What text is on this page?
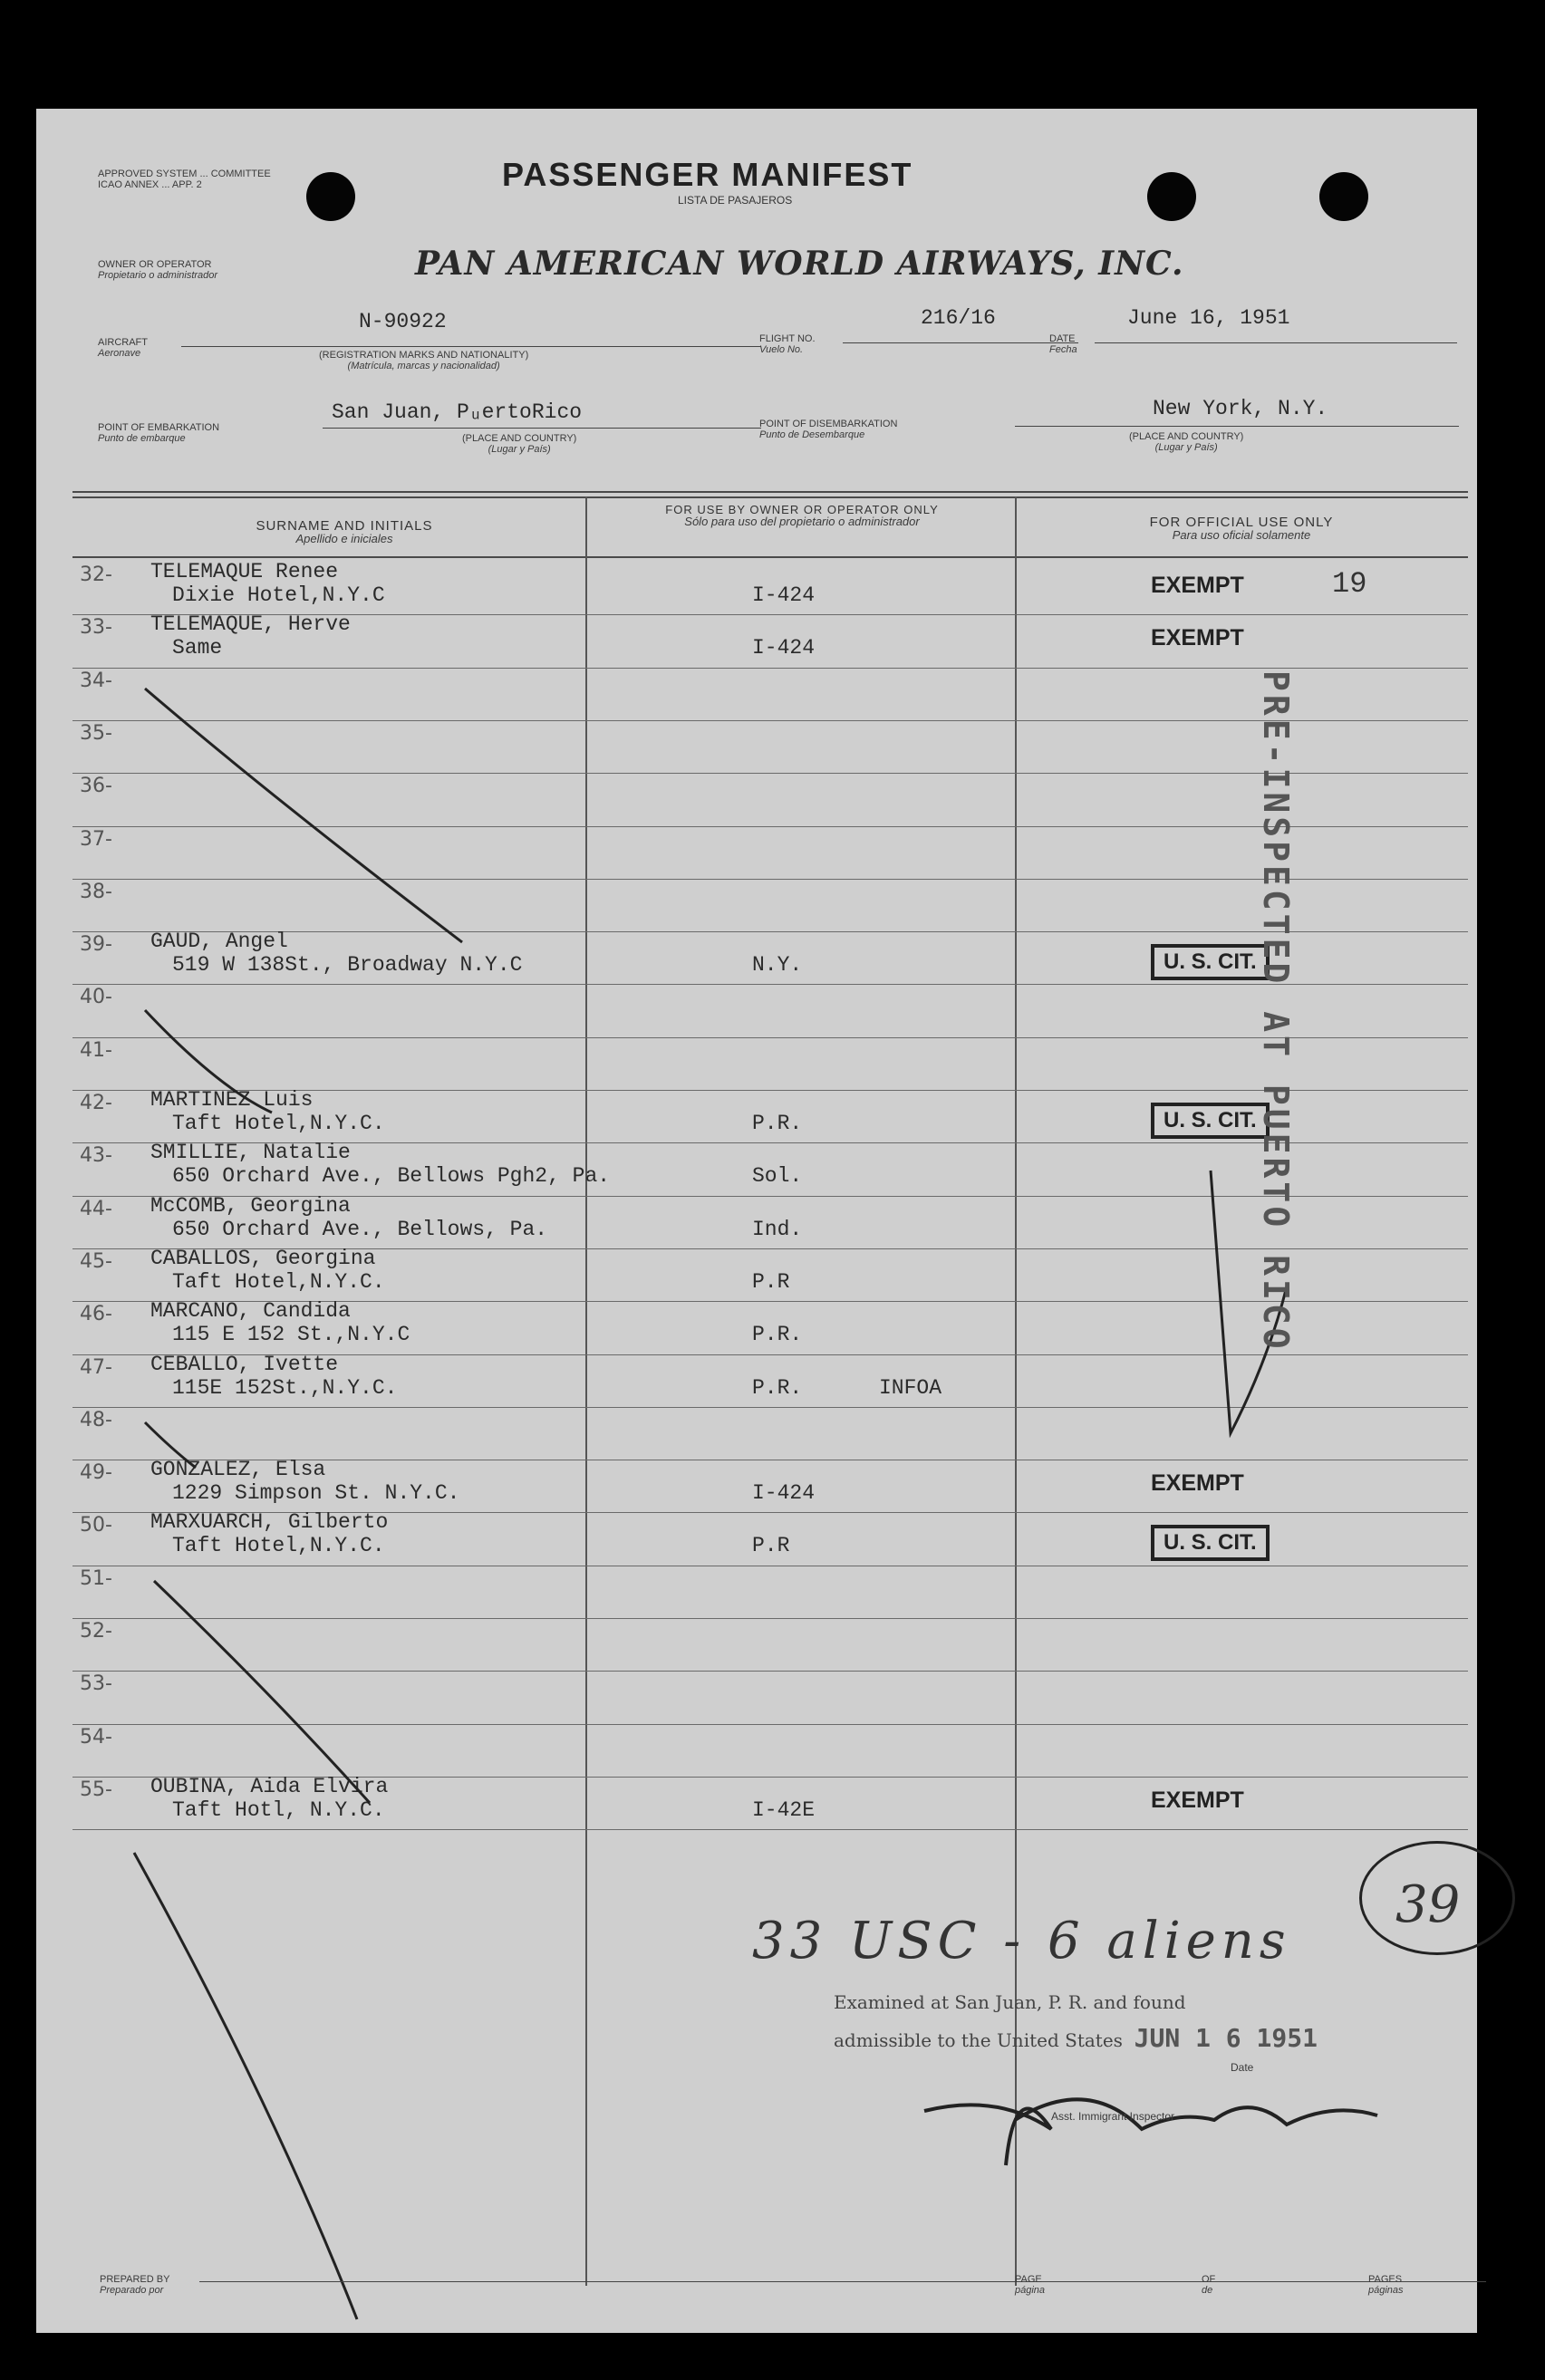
APPROVED SYSTEM ... COMMITTEE
ICAO ANNEX ... APP. 2	PASSENGER MANIFEST
LISTA DE PASAJEROS
OWNER OR OPERATOR
Propietario o administrador	PAN AMERICAN WORLD AIRWAYS, INC.
AIRCRAFT
Aeronave
N-90922
(REGISTRATION MARKS AND NATIONALITY)
(Matrícula, marcas y nacionalidad)
FLIGHT NO.
Vuelo No.
216/16
DATE
Fecha
June 16, 1951
POINT OF EMBARKATION
Punto de embarque
San Juan, PᵤertoRico
(PLACE AND COUNTRY)
(Lugar y País)
POINT OF DISEMBARKATION
Punto de Desembarque
New York, N.Y.
(PLACE AND COUNTRY)
(Lugar y País)
SURNAME AND INITIALS
Apellido e iniciales
FOR USE BY OWNER OR OPERATOR ONLY
Sólo para uso del propietario o administrador	FOR OFFICIAL USE ONLY
Para uso oficial solamente
32- TELEMAQUE Renee
Dixie Hotel,N.Y.C	I-424	EXEMPT	19
33- TELEMAQUE, Herve
Same	I-424	EXEMPT
34-
35-
36-
37-
38-
39- GAUD, Angel
519 W 138St., Broadway N.Y.C	N.Y.	U. S. CIT.
40-
41-
42- MARTINEZ Luis
Taft Hotel,N.Y.C.	P.R.	U. S. CIT.
43- SMILLIE, Natalie
650 Orchard Ave., Bellows Pgh2, Pa.	Sol.
44- McCOMB, Georgina
650 Orchard Ave., Bellows, Pa.	Ind.
45- CABALLOS, Georgina
Taft Hotel,N.Y.C.	P.R
46- MARCANO, Candida
115 E 152 St.,N.Y.C	P.R.
47- CEBALLO, Ivette
115E 152St.,N.Y.C.	P.R.	INFOA
48-
49- GONZALEZ, Elsa
1229 Simpson St. N.Y.C.	I-424	EXEMPT
50- MARXUARCH, Gilberto
Taft Hotel,N.Y.C.	P.R	U. S. CIT.
51-
52-
53-
54-
55- OUBINA, Aida Elvira
Taft Hotl, N.Y.C.	I-42E	EXEMPT
PRE-INSPECTED AT PUERTO RICO
33 USC - 6 aliens
39
Examined at San Juan, P. R. and found
admissible to the United States JUN 1 6 1951
Date
Asst. Immigrant Inspector
PREPARED BY
Preparado por
PAGE
página
OF
de
PAGES
páginas
